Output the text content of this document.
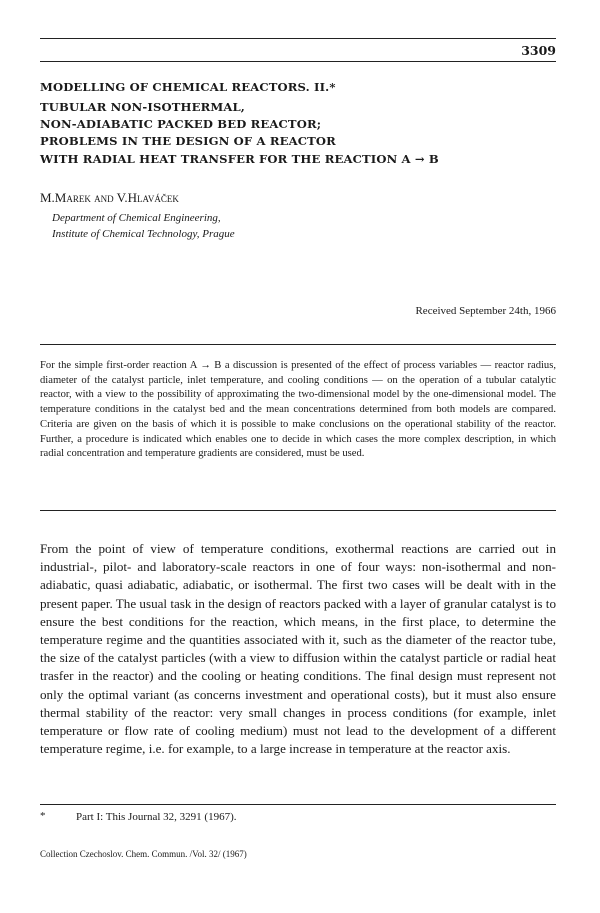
3309
MODELLING OF CHEMICAL REACTORS. II.*
TUBULAR NON-ISOTHERMAL,
NON-ADIABATIC PACKED BED REACTOR;
PROBLEMS IN THE DESIGN OF A REACTOR
WITH RADIAL HEAT TRANSFER FOR THE REACTION A → B
M.Marek and V.Hlaváček
Department of Chemical Engineering,
Institute of Chemical Technology, Prague
Received September 24th, 1966
For the simple first-order reaction A → B a discussion is presented of the effect of process variables — reactor radius, diameter of the catalyst particle, inlet temperature, and cooling conditions — on the operation of a tubular catalytic reactor, with a view to the possibility of approximating the two-dimensional model by the one-dimensional model. The temperature conditions in the catalyst bed and the mean concentrations determined from both models are compared. Criteria are given on the basis of which it is possible to make conclusions on the operational stability of the reactor. Further, a procedure is indicated which enables one to decide in which cases the more complex description, in which radial concentration and temperature gradients are considered, must be used.
From the point of view of temperature conditions, exothermal reactions are carried out in industrial-, pilot- and laboratory-scale reactors in one of four ways: non-isothermal and non-adiabatic, quasi adiabatic, adiabatic, or isothermal. The first two cases will be dealt with in the present paper. The usual task in the design of reactors packed with a layer of granular catalyst is to ensure the best conditions for the reaction, which means, in the first place, to determine the temperature regime and the quantities associated with it, such as the diameter of the reactor tube, the size of the catalyst particles (with a view to diffusion within the catalyst particle or radial heat trasfer in the reactor) and the cooling or heating conditions. The final design must represent not only the optimal variant (as concerns investment and operational costs), but it must also ensure thermal stability of the reactor: very small changes in process conditions (for example, inlet temperature or flow rate of cooling medium) must not lead to the development of a different temperature regime, i.e. for example, to a large increase in temperature at the reactor axis.
*	Part I: This Journal 32, 3291 (1967).
Collection Czechoslov. Chem. Commun. /Vol. 32/ (1967)
